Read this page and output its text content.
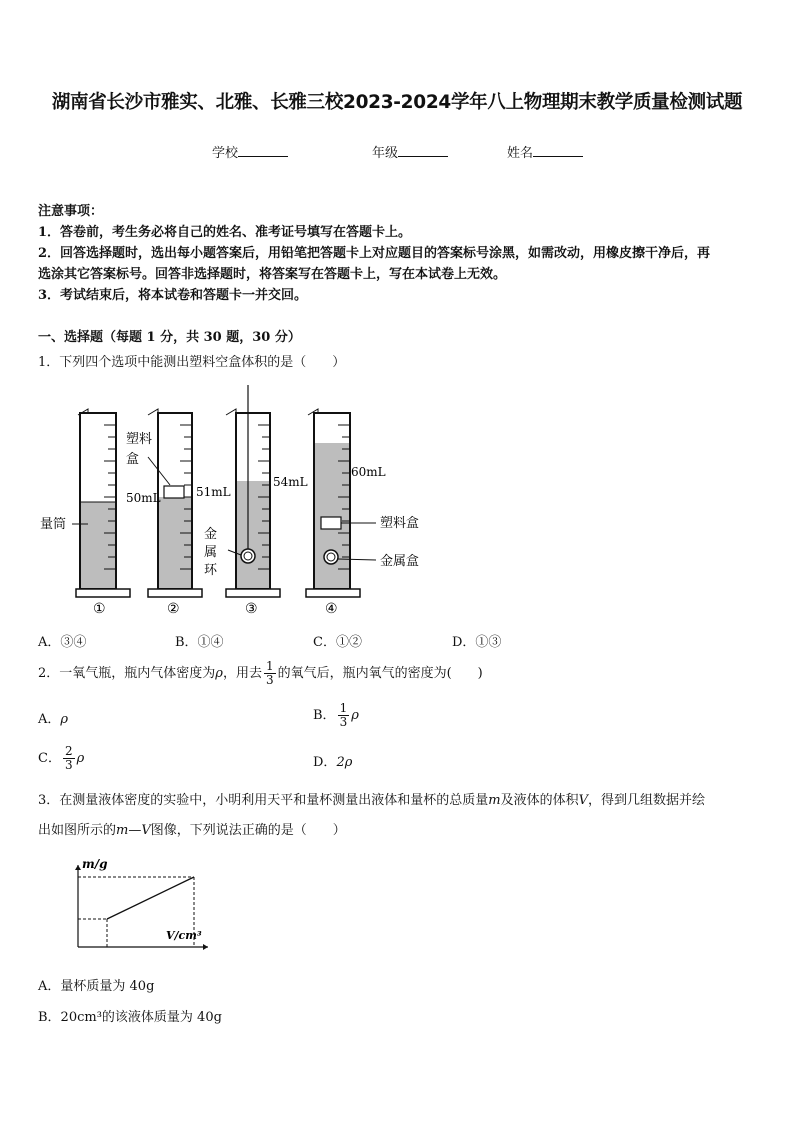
湖南省长沙市雅实、北雅、长雅三校2023-2024学年八上物理期末教学质量检测试题
学校	年级	姓名
注意事项：
1．答卷前，考生务必将自己的姓名、准考证号填写在答题卡上。
2．回答选择题时，选出每小题答案后，用铅笔把答题卡上对应题目的答案标号涂黑，如需改动，用橡皮擦干净后，再
选涂其它答案标号。回答非选择题时，将答案写在答题卡上，写在本试卷上无效。
3．考试结束后，将本试卷和答题卡一并交回。
一、选择题（每题 1 分，共 30 题，30 分）
1．下列四个选项中能测出塑料空盒体积的是（　　）
量筒
50mL
塑料
盒
51mL
54mL
金
属
环
60mL
塑料盒
金属盒
①	②	③	④
A．③④	B．①④	C．①②	D．①③
2．一氧气瓶，瓶内气体密度为ρ，用去 $\frac{1}{3}$ 的氧气后，瓶内氧气的密度为(　　)
A．ρ	B． $\frac{1}{3}$ ρ
C． $\frac{2}{3}$ ρ	D．2ρ
3．在测量液体密度的实验中，小明利用天平和量杯测量出液体和量杯的总质量m及液体的体积V，得到几组数据并绘
出如图所示的m—V图像，下列说法正确的是（　　）
m/g
V/cm³
A．量杯质量为 40g
B．20cm³的该液体质量为 40g
